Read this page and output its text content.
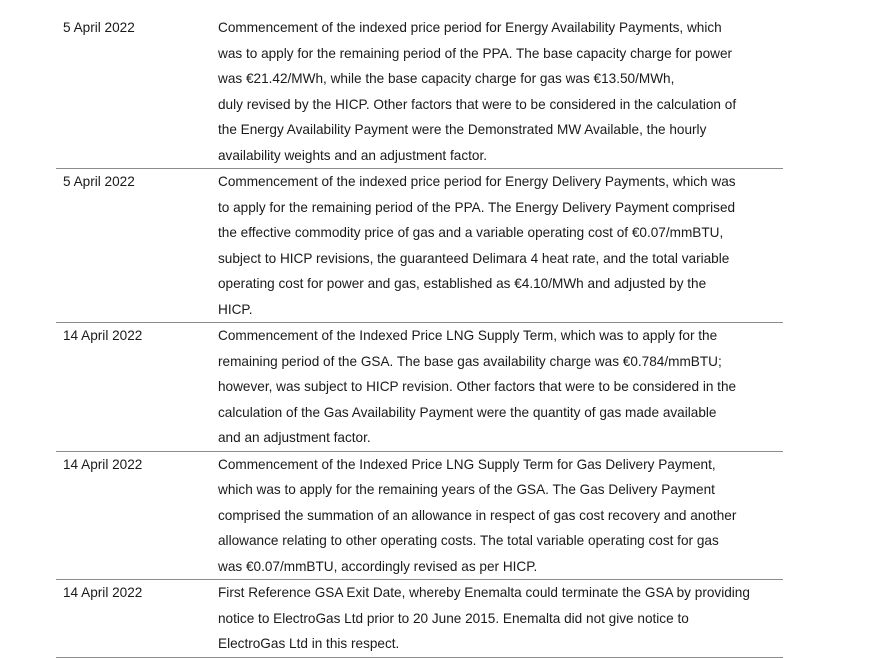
5 April 2022	Commencement of the indexed price period for Energy Availability Payments, which
was to apply for the remaining period of the PPA. The base capacity charge for power
was €21.42/MWh, while the base capacity charge for gas was €13.50/MWh,
duly revised by the HICP. Other factors that were to be considered in the calculation of
the Energy Availability Payment were the Demonstrated MW Available, the hourly
availability weights and an adjustment factor.
5 April 2022	Commencement of the indexed price period for Energy Delivery Payments, which was
to apply for the remaining period of the PPA. The Energy Delivery Payment comprised
the effective commodity price of gas and a variable operating cost of €0.07/mmBTU,
subject to HICP revisions, the guaranteed Delimara 4 heat rate, and the total variable
operating cost for power and gas, established as €4.10/MWh and adjusted by the
HICP.
14 April 2022	Commencement of the Indexed Price LNG Supply Term, which was to apply for the
remaining period of the GSA. The base gas availability charge was €0.784/mmBTU;
however, was subject to HICP revision. Other factors that were to be considered in the
calculation of the Gas Availability Payment were the quantity of gas made available
and an adjustment factor.
14 April 2022	Commencement of the Indexed Price LNG Supply Term for Gas Delivery Payment,
which was to apply for the remaining years of the GSA. The Gas Delivery Payment
comprised the summation of an allowance in respect of gas cost recovery and another
allowance relating to other operating costs. The total variable operating cost for gas
was €0.07/mmBTU, accordingly revised as per HICP.
14 April 2022	First Reference GSA Exit Date, whereby Enemalta could terminate the GSA by providing
notice to ElectroGas Ltd prior to 20 June 2015. Enemalta did not give notice to
ElectroGas Ltd in this respect.
